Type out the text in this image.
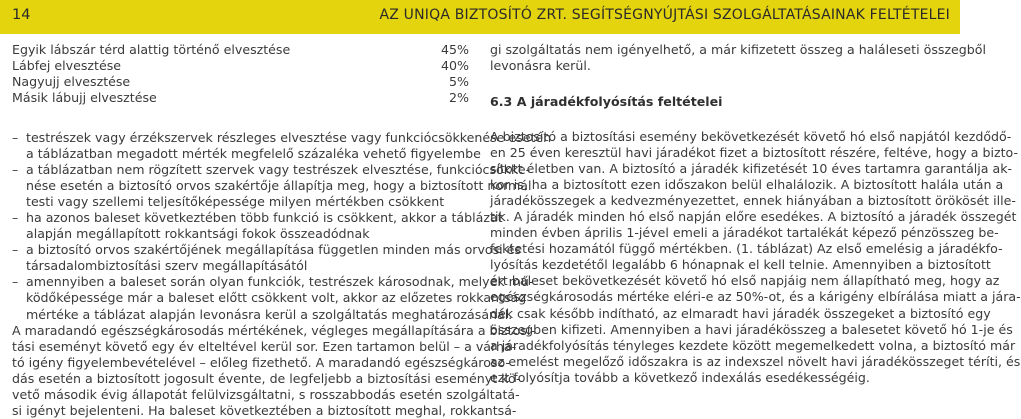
14	AZ UNIQA BIZTOSÍTÓ ZRT. SEGÍTSÉGNYÚJTÁSI SZOLGÁLTATÁSAINAK FELTÉTELEI
Egyik lábszár térd alattig történő elvesztése	45%
Lábfej elvesztése	40%
Nagyujj elvesztése	5%
Másik lábujj elvesztése	2%
– testrészek vagy érzékszervek részleges elvesztése vagy funkciócsökkenése esetén
a táblázatban megadott mérték megfelelő százaléka vehető figyelembe
– a táblázatban nem rögzített szervek vagy testrészek elvesztése, funkciócsökke-
nése esetén a biztosító orvos szakértője állapítja meg, hogy a biztosított normál
testi vagy szellemi teljesítőképessége milyen mértékben csökkent
– ha azonos baleset következtében több funkció is csökkent, akkor a táblázat
alapján megállapított rokkantsági fokok összeadódnak
– a biztosító orvos szakértőjének megállapítása független minden más orvosi és
társadalombiztosítási szerv megállapításától
– amennyiben a baleset során olyan funkciók, testrészek károsodnak, melyek mű-
ködőképessége már a baleset előtt csökkent volt, akkor az előzetes rokkantság
mértéke a táblázat alapján levonásra kerül a szolgáltatás meghatározásánál.
A maradandó egészségkárosodás mértékének, végleges megállapítására a biztosí-
tási eseményt követő egy év elteltével kerül sor. Ezen tartamon belül – a várha-
tó igény figyelembevételével – előleg fizethető. A maradandó egészségkároso-
dás esetén a biztosított jogosult évente, de legfeljebb a biztosítási eseményt kö-
vető második évig állapotát felülvizsgáltatni, s rosszabbodás esetén szolgáltatá-
si igényt bejelenteni. Ha baleset következtében a biztosított meghal, rokkantsá-
gi szolgáltatás nem igényelhető, a már kifizetett összeg a haláleseti összegből
levonásra kerül.
6.3 A járadékfolyósítás feltételei
A biztosító a biztosítási esemény bekövetkezését követő hó első napjától kezdődő-
en 25 éven keresztül havi járadékot fizet a biztosított részére, feltéve, hogy a bizto-
sított életben van. A biztosító a járadék kifizetését 10 éves tartamra garantálja ak-
kor is, ha a biztosított ezen időszakon belül elhalálozik. A biztosított halála után a
járadékösszegek a kedvezményezettet, ennek hiányában a biztosított örökösét ille-
tik. A járadék minden hó első napján előre esedékes. A biztosító a járadék összegét
minden évben április 1-jével emeli a járadékot tartalékát képező pénzösszeg be-
fektetési hozamától függő mértékben. (1. táblázat) Az első emelésig a járadékfo-
lyósítás kezdetétől legalább 6 hónapnak el kell telnie. Amennyiben a biztosított
ért baleset bekövetkezését követő hó első napjáig nem állapítható meg, hogy az
egészségkárosodás mértéke eléri-e az 50%-ot, és a kárigény elbírálása miatt a jára-
dék csak később indítható, az elmaradt havi járadék összegeket a biztosító egy
összegben kifizeti. Amennyiben a havi járadékösszeg a balesetet követő hó 1-je és
a járadékfolyósítás tényleges kezdete között megemelkedett volna, a biztosító már
az emelést megelőző időszakra is az indexszel növelt havi járadékösszeget téríti, és
ezt folyósítja tovább a következő indexálás esedékességéig.
